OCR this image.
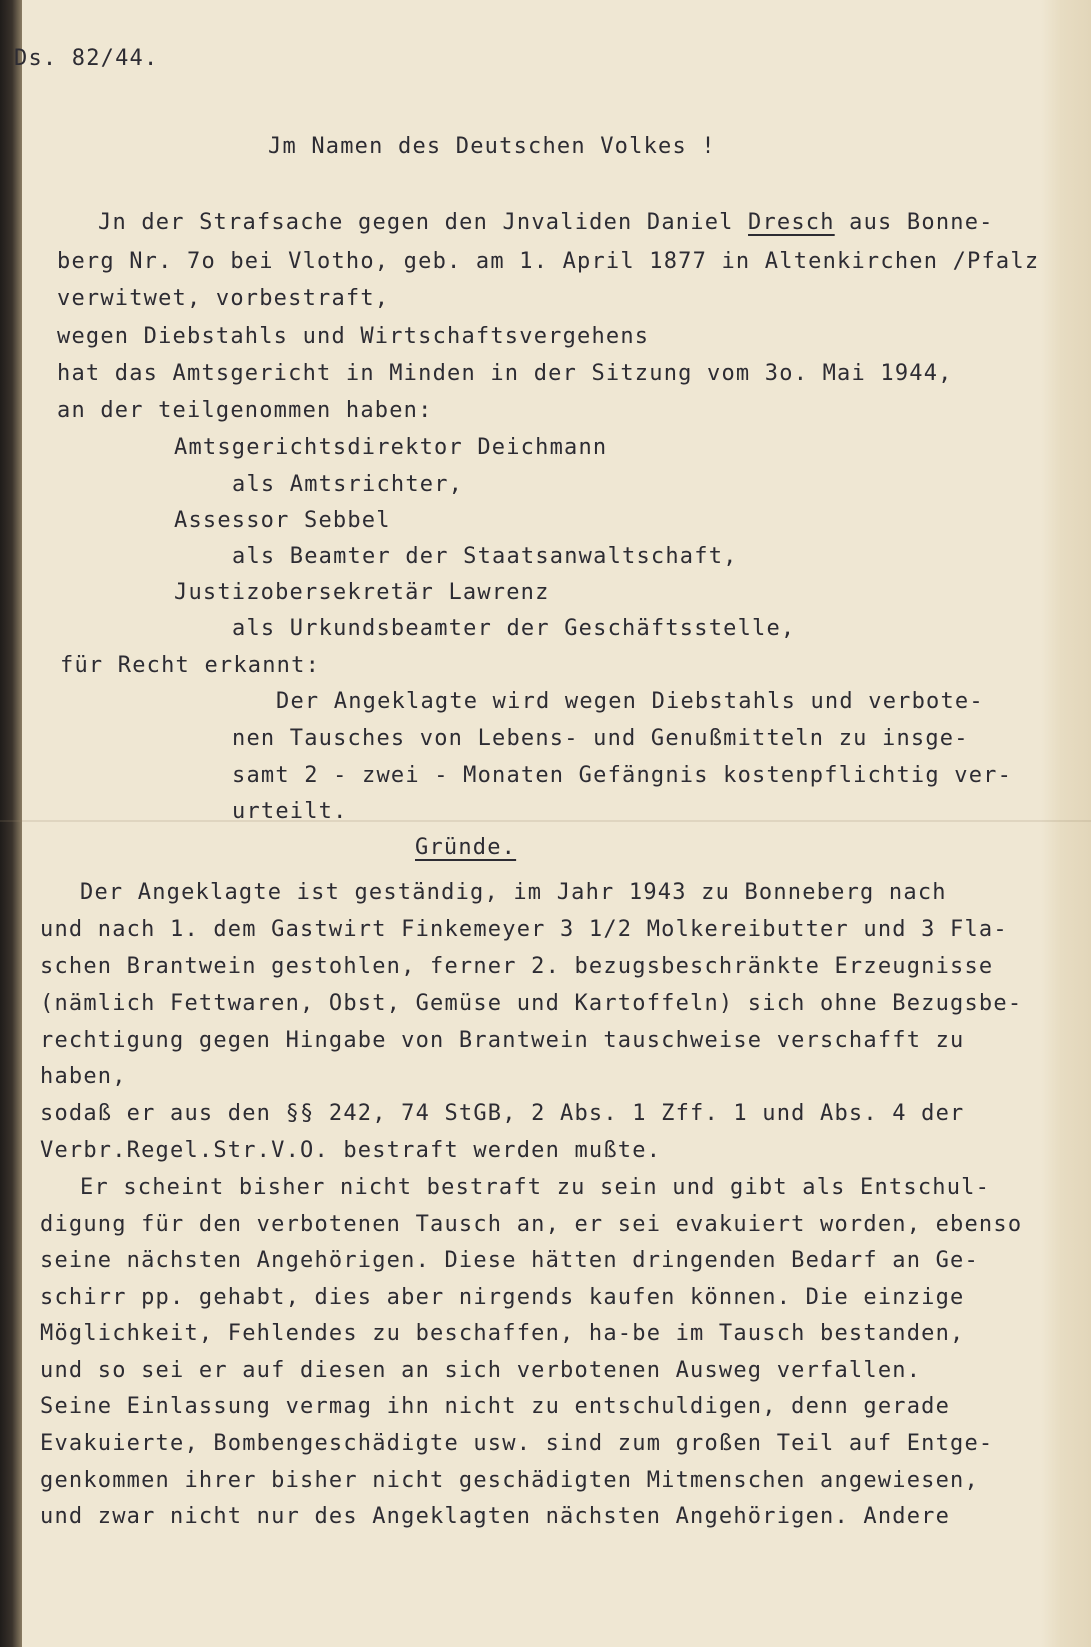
Ds. 82/44.
Jm Namen des Deutschen Volkes !
Jn der Strafsache gegen den Jnvaliden Daniel Dresch aus Bonne-
berg Nr. 7o bei Vlotho, geb. am 1. April 1877 in Altenkirchen /Pfalz
verwitwet, vorbestraft,
wegen Diebstahls und Wirtschaftsvergehens
hat das Amtsgericht in Minden in der Sitzung vom 3o. Mai 1944,
an der teilgenommen haben:
Amtsgerichtsdirektor Deichmann
als Amtsrichter,
Assessor Sebbel
als Beamter der Staatsanwaltschaft,
Justizobersekretär Lawrenz
als Urkundsbeamter der Geschäftsstelle,
für Recht erkannt:
Der Angeklagte wird wegen Diebstahls und verbote-
nen Tausches von Lebens- und Genußmitteln zu insge-
samt 2 - zwei - Monaten Gefängnis kostenpflichtig ver-
urteilt.
Gründe.
Der Angeklagte ist geständig, im Jahr 1943 zu Bonneberg nach
und nach 1. dem Gastwirt Finkemeyer 3 1/2 Molkereibutter und 3 Fla-
schen Brantwein gestohlen, ferner 2. bezugsbeschränkte Erzeugnisse
(nämlich Fettwaren, Obst, Gemüse und Kartoffeln) sich ohne Bezugsbe-
rechtigung gegen Hingabe von Brantwein tauschweise verschafft zu
haben,
sodaß er aus den §§ 242, 74 StGB, 2 Abs. 1 Zff. 1 und Abs. 4 der
Verbr.Regel.Str.V.O. bestraft werden mußte.
Er scheint bisher nicht bestraft zu sein und gibt als Entschul-
digung für den verbotenen Tausch an, er sei evakuiert worden, ebenso
seine nächsten Angehörigen. Diese hätten dringenden Bedarf an Ge-
schirr pp. gehabt, dies aber nirgends kaufen können. Die einzige
Möglichkeit, Fehlendes zu beschaffen, ha-be im Tausch bestanden,
und so sei er auf diesen an sich verbotenen Ausweg verfallen.
Seine Einlassung vermag ihn nicht zu entschuldigen, denn gerade
Evakuierte, Bombengeschädigte usw. sind zum großen Teil auf Entge-
genkommen ihrer bisher nicht geschädigten Mitmenschen angewiesen,
und zwar nicht nur des Angeklagten nächsten Angehörigen. Andere
